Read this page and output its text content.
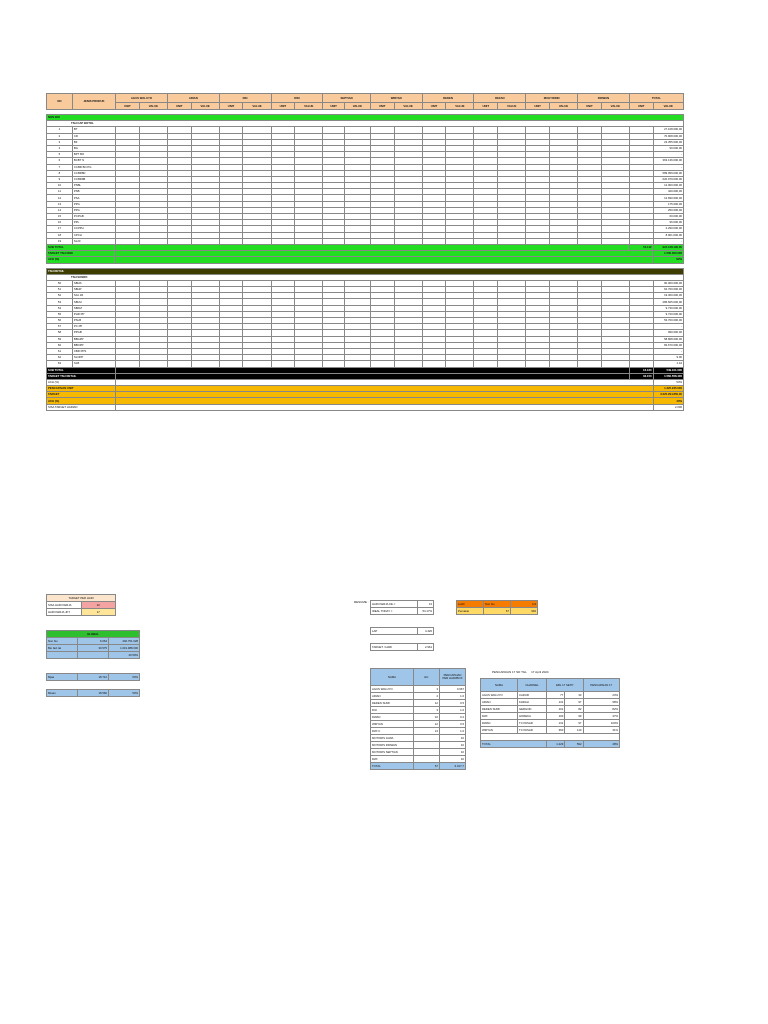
NO	JENIS PRODUK	AGUS WALUYO		ARIAN		DIO		DWI		SEPTIAN		WIRYAN		DEDEN		DEFAN		MUHYIDDIN		RIDWAN		TOTAL	
		UNIT	VALUE	UNIT	VALUE	UNIT	VALUE	UNIT	VALUE	UNIT	VALUE	UNIT	VALUE	UNIT	VALUE	UNIT	VALUE	UNIT	VALUE	UNIT	VALUE	UNIT	VALUE

NON BIO																							
TSH CAP BOTOL																							
1	BT																						27.108.000,00
2	CR																						70.908.000,00
3	BF																						23.355.000,00
4	BG																						90.000,00
5	BPT BO																						-
6	BCBT N																						363.136.000,00
7	CCBR BO PG																						-
8	CCBR8D																						589.959.000,00
9	CCBR9B																						620.979.000,00
10	PSBL																						12.000.000,00
11	PSB																						420.000,00
12	PSA																						12.690.000,00
13	PPG																						175.000,00
14	PPG																						250.000,00
15	PCPGB																						60.000,00
16	PPL																						96.000,00
17	CCPPH																						2.290.000,00
18	CPCH																						8.901.000,00
19	SL20																						-
SUB TOTAL																						54.112	924.128.190,00
TARGET TSH NON																							1.500.000.000
ACH (%)																							62%

TSH RETAIL																							
TSH SOSRO																							
50	SBHS																						90.000.000,00
51	SBHP																						62.760.000,00
52	SJA 1R																						19.300.000,00
53	SBLM																						286.605.000,00
54	SBKM																						9.730.000,00
55	PHR PP																						9.720.000,00
56	PSLB																						53.700.000,00
57	PC PP																						-
58	PPGB																						990.000,00
59	BBGPP																						58.808.000,00
60	BBOPP																						82.670.000,00
61	CBR PPS																						-
62	SLOPP																						9.00
63	SLB																						1.44
SUB TOTAL																						16.160	549.101.000
TARGET TSH RETAIL																						33.150	1.560.558.400
ACH (%)																							53%
PENCAPAIAN UNIT																							1.325.235.000
TARGET																							3.325.294.850,00
ACH (%)																							40%
SISA TARGET HARIAN																							2.000
TARGET PER HARI	
SISA HARI KERJA	22
HARI KERJA JKT	17
GLOBAL		
Non bio	6.064	292.751.028
Bio fact lat	30.575	1.019.988.000
		40.59%

Mjaa	18.712	60%

Mtuan	18.560	50%
RESUME : HARI KERJA KE =	13
IDEAL TODAY =	54.17%
Lebih	Non bio	1/4
Pemakai	67	992
LAP	4.420
TARGET / HARI	2.961
NAMA	EC	PENCAPAIAN PER HARI/BOX
AGUS WALUYO	3	0.667
ARIAN	2	1.0
DEDEN SURF	12	0.5
DIO	3	1.0
DWAN	10	0.2
WIRYAN	12	0.5
DWI C	13	1.0
MOTORIS JAWA		10
MOTORIS RIDWAN		10
MOTORIS SEPTIAN		10
DWI		10
TOTAL	67	6.017,7
PENCAPAIAN 17 SD TGL 17 April 2024
NAMA	CHANNEL	EBL 17 SETP		PENCAPAIAN 17
AGUS WALUYO	CADUR	77	33	23%
ARIAN	KHDAH	131	97	98%
DEDEN SURF	GERGOD	101	82	82%
DWI	HOREKA	100	99	47%
DWAN	TC PASAR	131	97	100%
WIRYAN	TC PASAR	360	110	31%

TOTAL		1.229	592	48%
